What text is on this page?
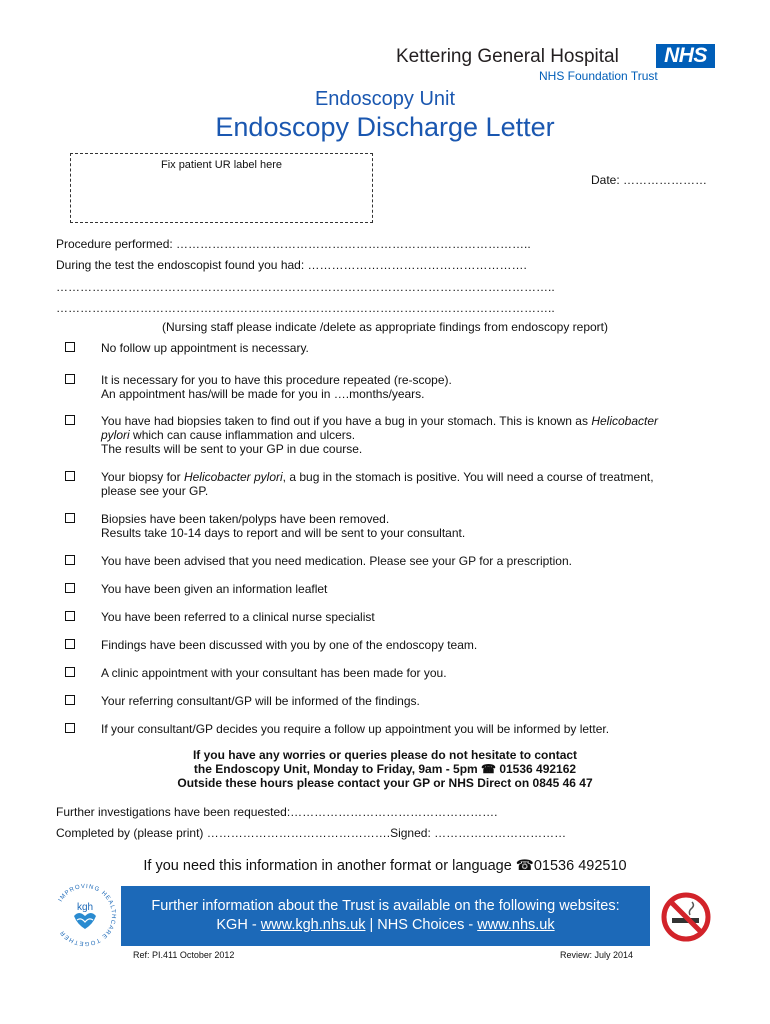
Kettering General Hospital	NHS
NHS Foundation Trust
Endoscopy Unit
Endoscopy Discharge Letter
Fix patient UR label here
Date: …………………
Procedure performed: ……………………………………………………………………………..
During the test the endoscopist found you had: ……………………………………………….
……………………………………………………………………………………………………………..
……………………………………………………………………………………………………………..
(Nursing staff please indicate /delete as appropriate findings from endoscopy report)
No follow up appointment is necessary.
It is necessary for you to have this procedure repeated (re-scope).
An appointment has/will be made for you in ….months/years.
You have had biopsies taken to find out if you have a bug in your stomach. This is known as Helicobacter
pylori which can cause inflammation and ulcers.
The results will be sent to your GP in due course.
Your biopsy for Helicobacter pylori, a bug in the stomach is positive. You will need a course of treatment,
please see your GP.
Biopsies have been taken/polyps have been removed.
Results take 10-14 days to report and will be sent to your consultant.
You have been advised that you need medication. Please see your GP for a prescription.
You have been given an information leaflet
You have been referred to a clinical nurse specialist
Findings have been discussed with you by one of the endoscopy team.
A clinic appointment with your consultant has been made for you.
Your referring consultant/GP will be informed of the findings.
If your consultant/GP decides you require a follow up appointment you will be informed by letter.
If you have any worries or queries please do not hesitate to contact
the Endoscopy Unit, Monday to Friday, 9am - 5pm ☎ 01536 492162
Outside these hours please contact your GP or NHS Direct on 0845 46 47
Further investigations have been requested:…………………………………………….
Completed by (please print) ……………………………………….Signed: ……………………………
If you need this information in another format or language ☎01536 492510
IMPROVING HEALTHCARE TOGETHER
kgh	Further information about the Trust is available on the following websites:
KGH - www.kgh.nhs.uk | NHS Choices - www.nhs.uk
Ref: PI.411 October 2012	Review: July 2014
